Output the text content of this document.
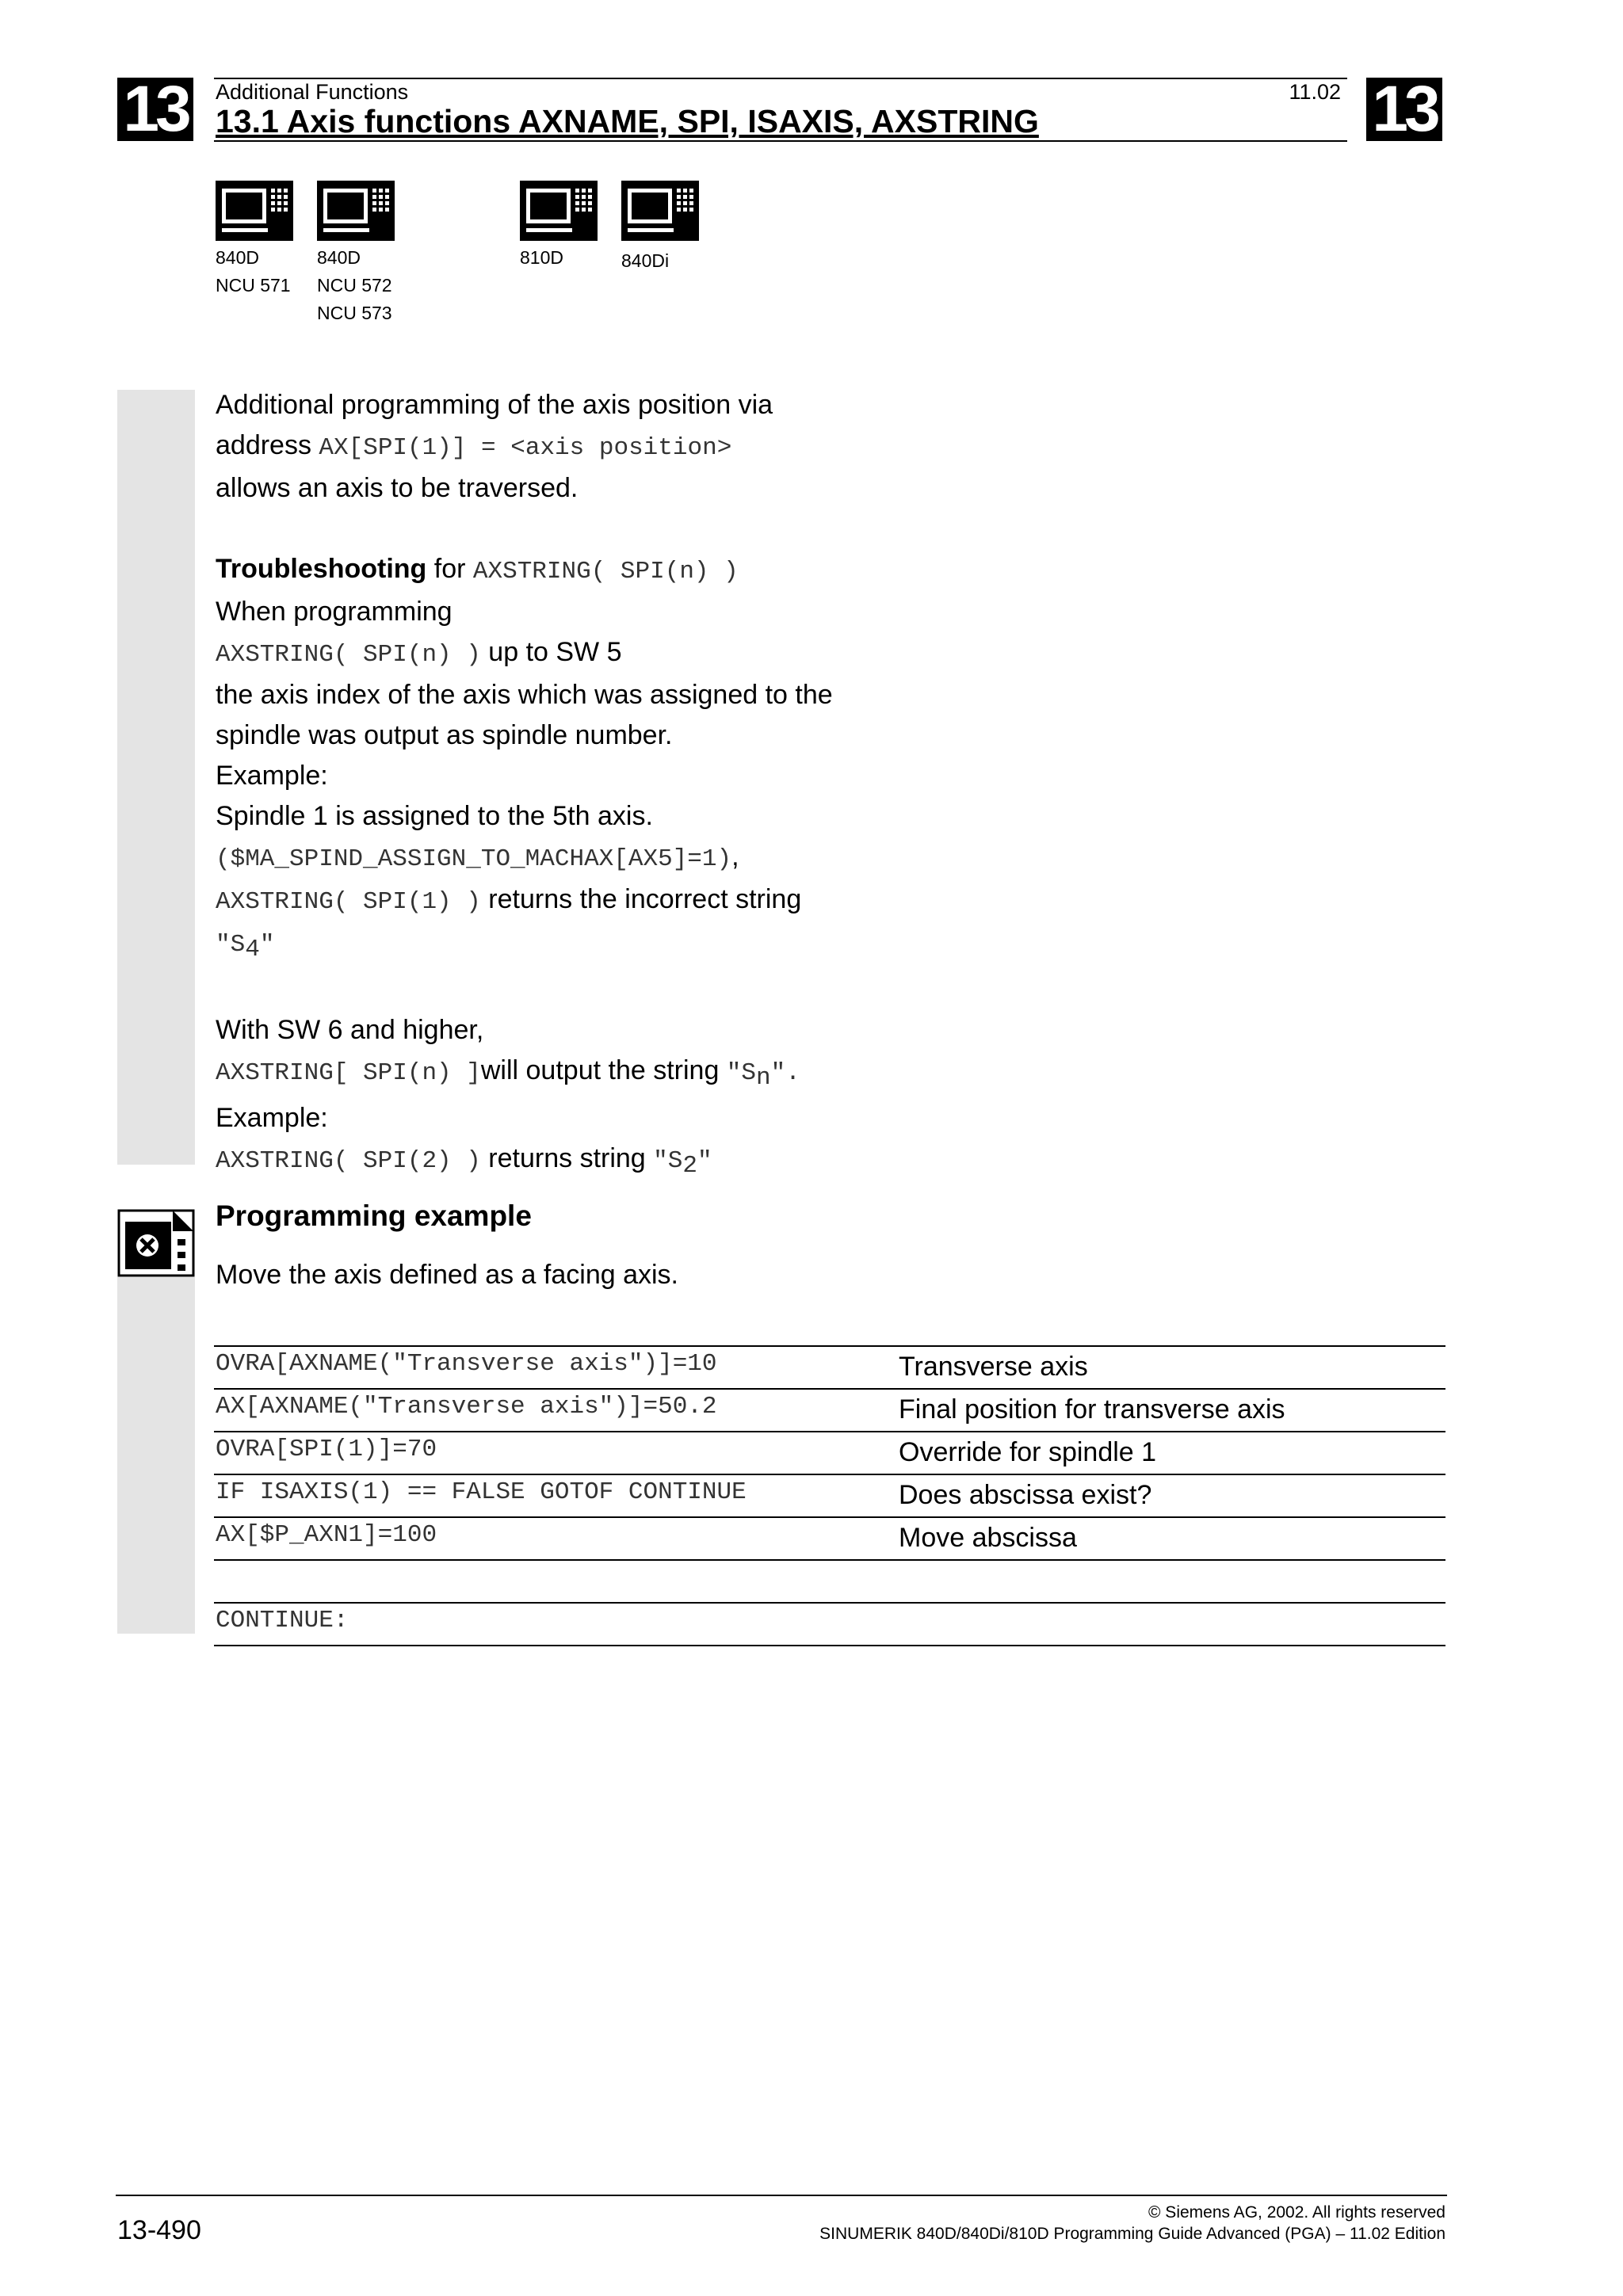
13	13
Additional Functions	11.02
13.1 Axis functions AXNAME, SPI, ISAXIS, AXSTRING
840D
NCU 571
840D
NCU 572
NCU 573
810D	840Di

Additional programming of the axis position via

address AX[SPI(1)] = <axis position>

allows an axis to be traversed.

Troubleshooting for AXSTRING( SPI(n) )

When programming

AXSTRING( SPI(n) ) up to SW 5

the axis index of the axis which was assigned to the

spindle was output as spindle number.

Example:

Spindle 1 is assigned to the 5th axis.

($MA_SPIND_ASSIGN_TO_MACHAX[AX5]=1),

AXSTRING( SPI(1) ) returns the incorrect string

"S4"

With SW 6 and higher,

AXSTRING[ SPI(n) ]will output the string "Sn".

Example:

AXSTRING( SPI(2) ) returns string "S2"

Programming example
Move the axis defined as a facing axis.
OVRA[AXNAME("Transverse axis")]=10	Transverse axis
AX[AXNAME("Transverse axis")]=50.2	Final position for transverse axis
OVRA[SPI(1)]=70	Override for spindle 1
IF ISAXIS(1) == FALSE GOTOF CONTINUE	Does abscissa exist?
AX[$P_AXN1]=100	Move abscissa
CONTINUE:
13-490
© Siemens AG, 2002. All rights reserved
SINUMERIK 840D/840Di/810D Programming Guide Advanced (PGA) – 11.02 Edition
